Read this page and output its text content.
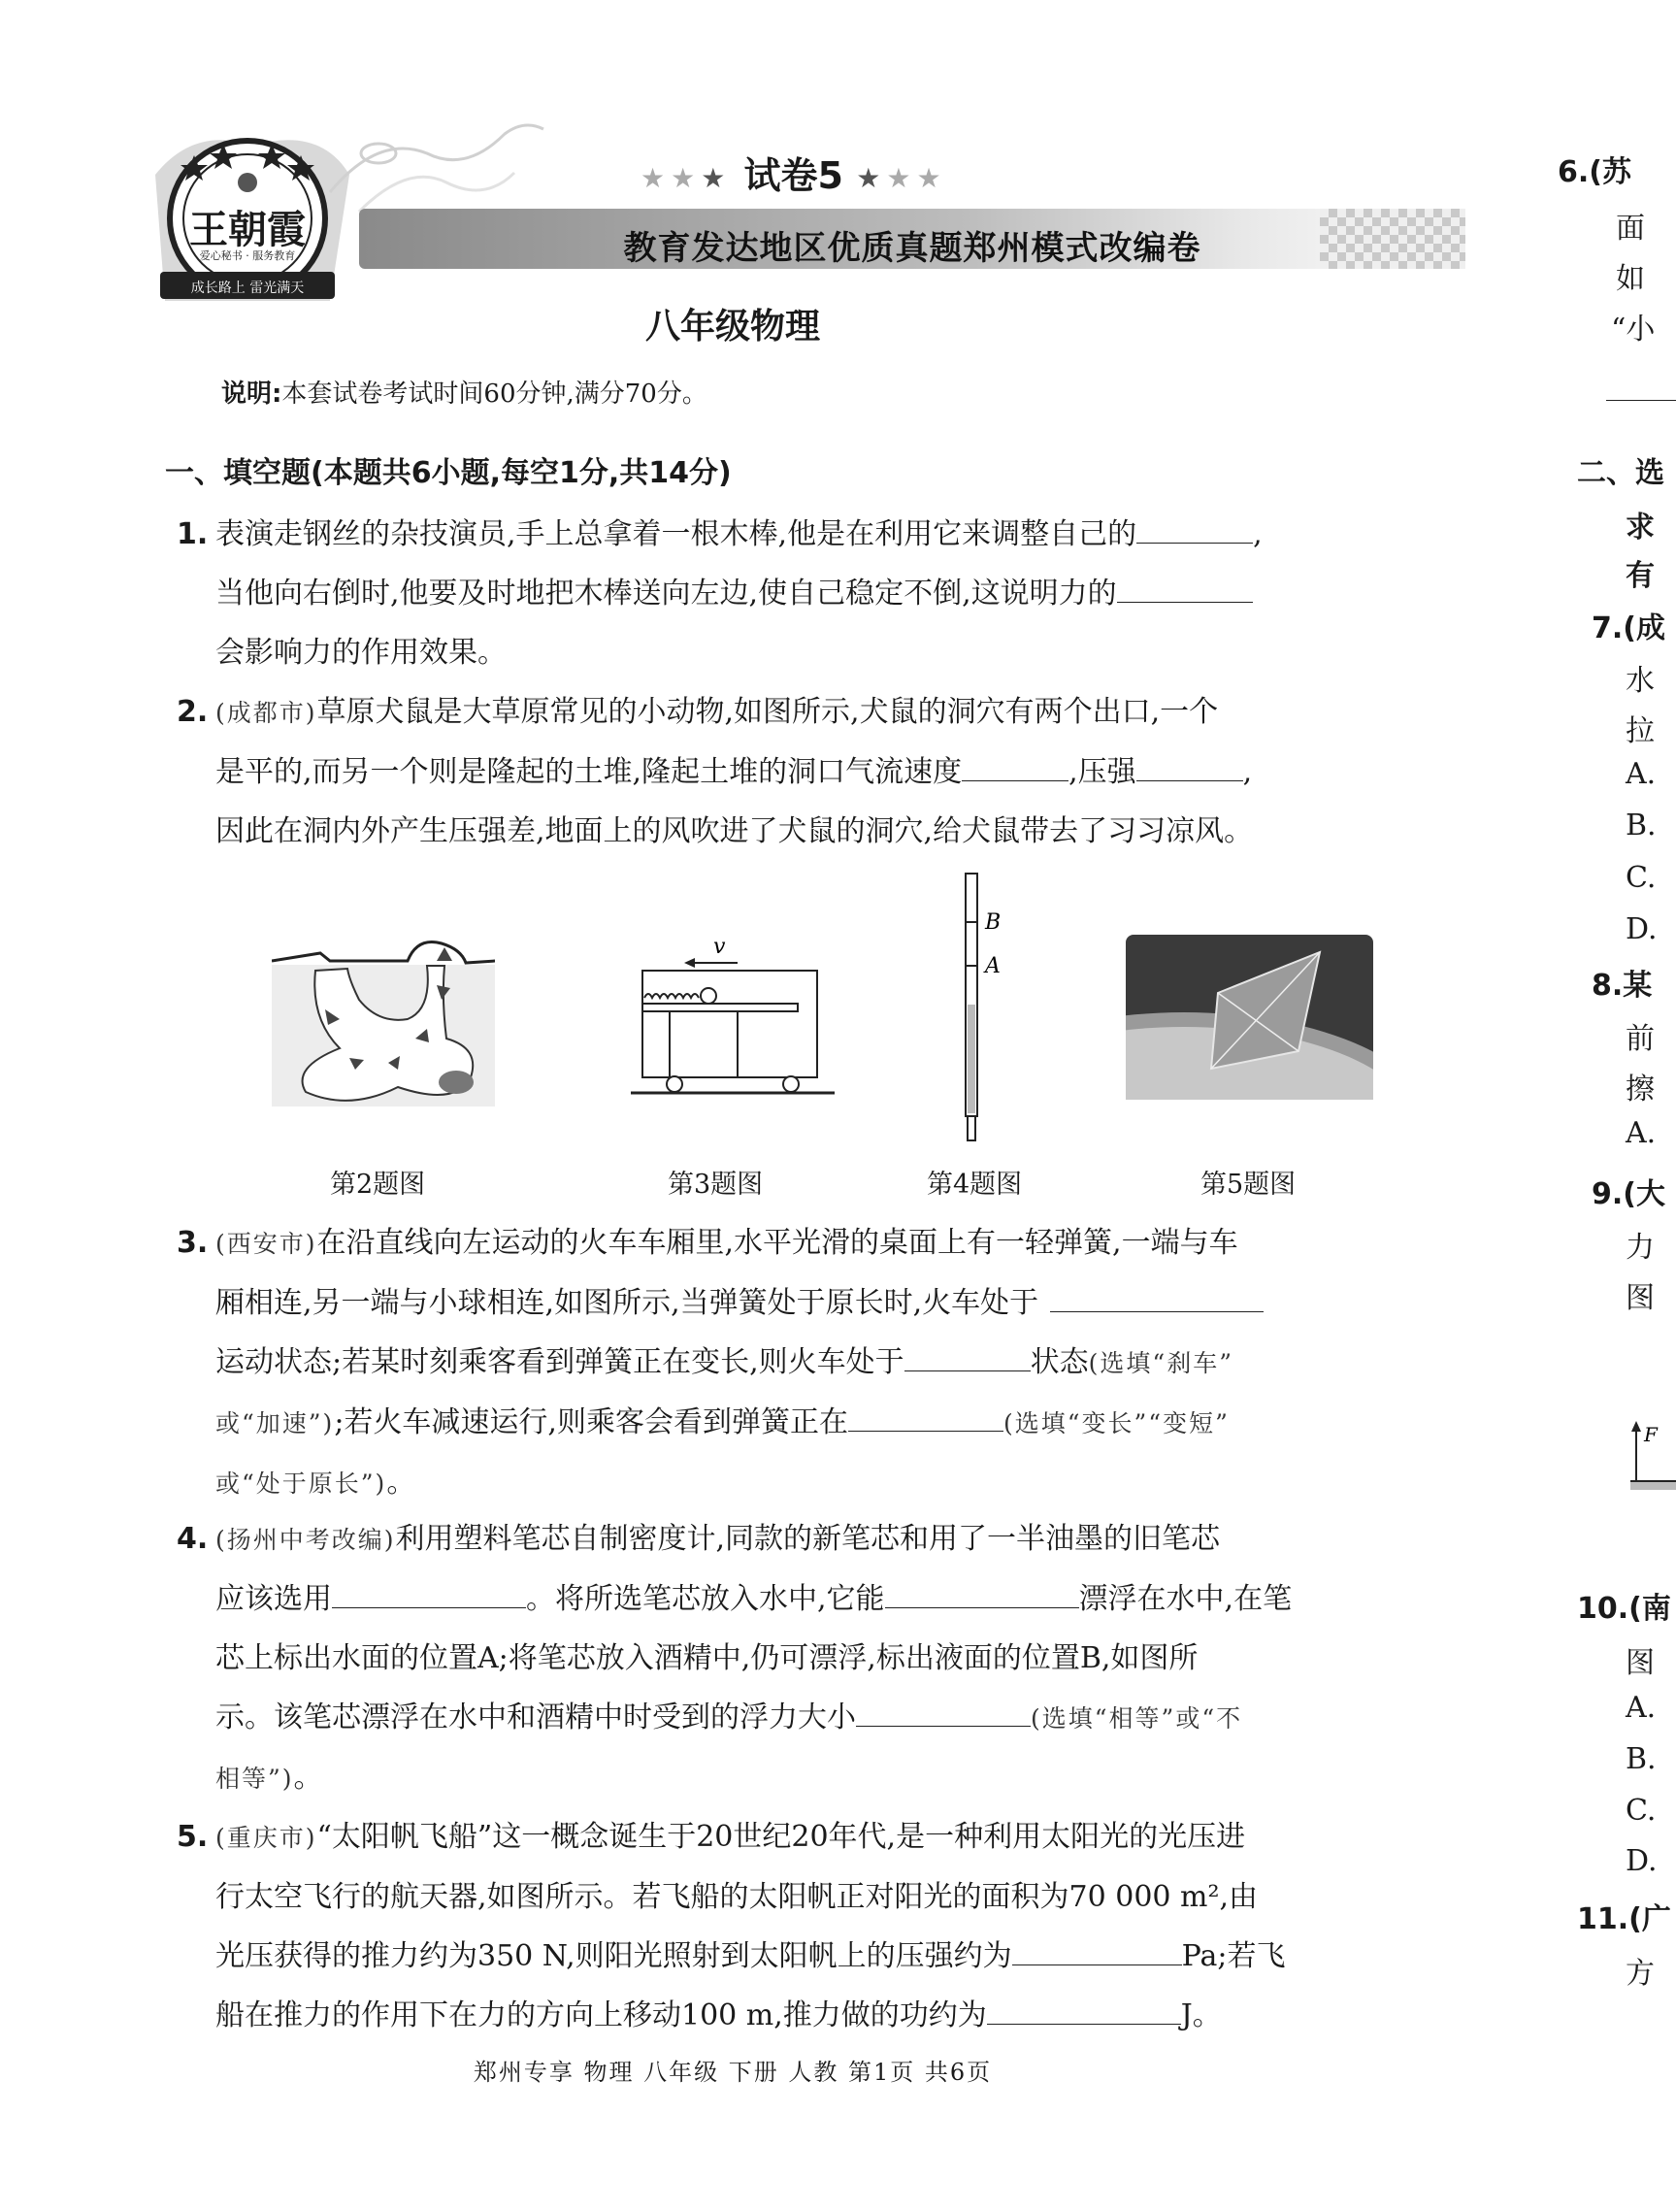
王朝霞
爱心秘书 · 服务教育
成长路上 雷光满天
★★★ 试卷5 ★★★
教育发达地区优质真题郑州模式改编卷
八年级物理
说明:本套试卷考试时间60分钟,满分70分。
一、填空题(本题共6小题,每空1分,共14分)
1. 表演走钢丝的杂技演员,手上总拿着一根木棒,他是在利用它来调整自己的	,

当他向右倒时,他要及时地把木棒送向左边,使自己稳定不倒,这说明力的

会影响力的作用效果。

2. (成都市)草原犬鼠是大草原常见的小动物,如图所示,犬鼠的洞穴有两个出口,一个

是平的,而另一个则是隆起的土堆,隆起土堆的洞口气流速度	,压强	,

因此在洞内外产生压强差,地面上的风吹进了犬鼠的洞穴,给犬鼠带去了习习凉风。

v
B
A
第2题图	第3题图	第4题图	第5题图
3. (西安市)在沿直线向左运动的火车车厢里,水平光滑的桌面上有一轻弹簧,一端与车

厢相连,另一端与小球相连,如图所示,当弹簧处于原长时,火车处于

运动状态;若某时刻乘客看到弹簧正在变长,则火车处于	状态(选填“刹车”

或“加速”);若火车减速运行,则乘客会看到弹簧正在	(选填“变长”“变短”

或“处于原长”)。

4. (扬州中考改编)利用塑料笔芯自制密度计,同款的新笔芯和用了一半油墨的旧笔芯

应该选用	。将所选笔芯放入水中,它能	漂浮在水中,在笔

芯上标出水面的位置A;将笔芯放入酒精中,仍可漂浮,标出液面的位置B,如图所

示。该笔芯漂浮在水中和酒精中时受到的浮力大小	(选填“相等”或“不

相等”)。

5. (重庆市)“太阳帆飞船”这一概念诞生于20世纪20年代,是一种利用太阳光的光压进

行太空飞行的航天器,如图所示。若飞船的太阳帆正对阳光的面积为70 000 m²,由

光压获得的推力约为350 N,则阳光照射到太阳帆上的压强约为	Pa;若飞

船在推力的作用下在力的方向上移动100 m,推力做的功约为	J。

郑州专享 物理 八年级 下册 人教 第1页 共6页
6.(苏
面
如
“小
二、选
求
有
7.(成
水
拉
A.
B.
C.
D.
8.某
前
擦
A.
9.(大
力
图
F
10.(南
图
A.
B.
C.
D.
11.(广
方
